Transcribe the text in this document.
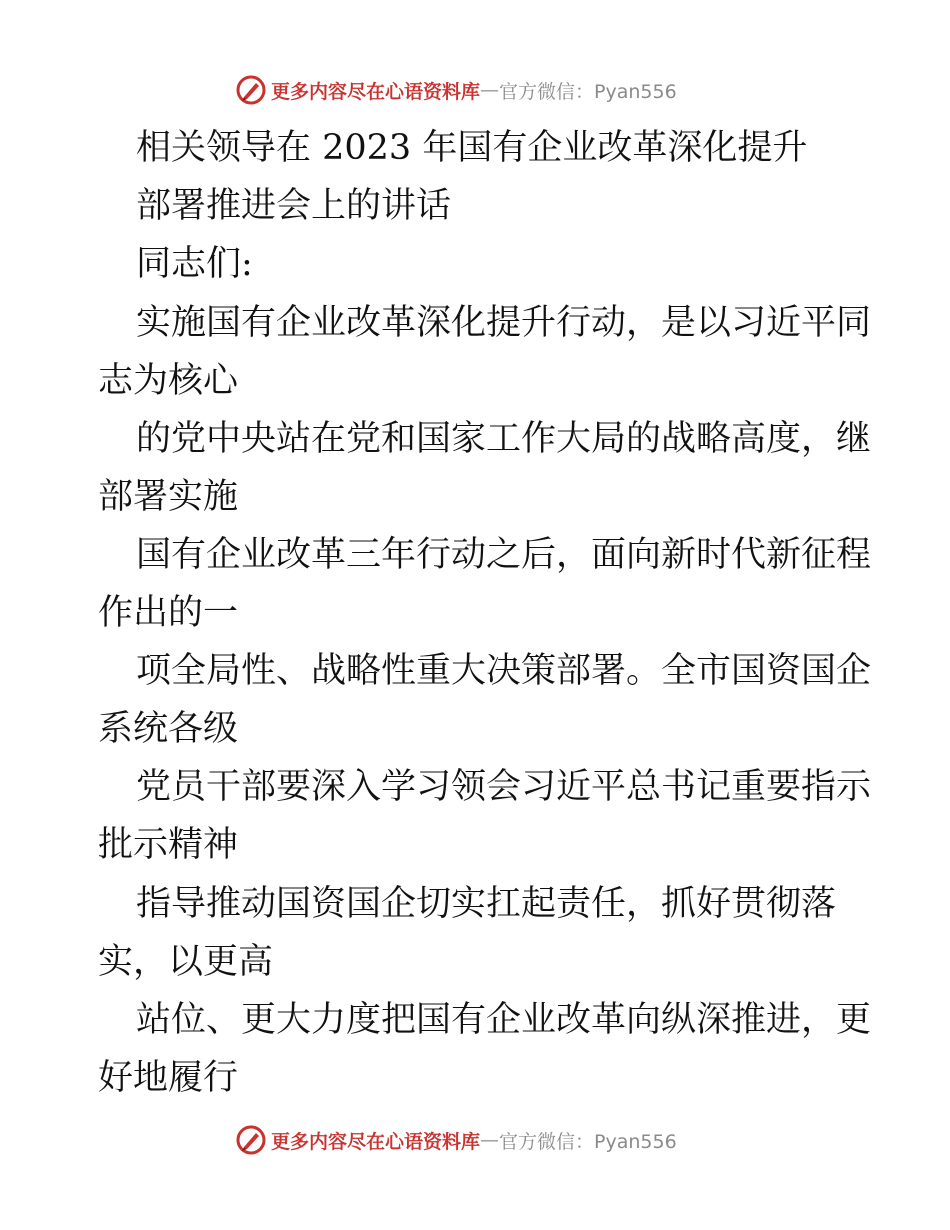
更多内容尽在心语资料库 — 官方微信：Pyan556
相关领导在 2023 年国有企业改革深化提升
部署推进会上的讲话
同志们:
实施国有企业改革深化提升行动，是以习近平同
志为核心
的党中央站在党和国家工作大局的战略高度，继
部署实施
国有企业改革三年行动之后，面向新时代新征程
作出的一
项全局性、战略性重大决策部署。全市国资国企
系统各级
党员干部要深入学习领会习近平总书记重要指示
批示精神
指导推动国资国企切实扛起责任，抓好贯彻落
实，以更高
站位、更大力度把国有企业改革向纵深推进，更
好地履行
更多内容尽在心语资料库 — 官方微信：Pyan556
